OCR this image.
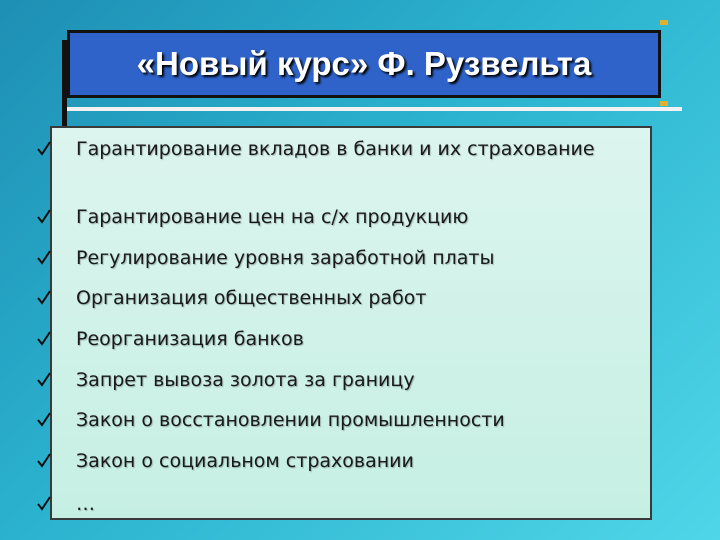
«Новый курс» Ф. Рузвельта
Гарантирование вкладов в банки и их страхование
Гарантирование цен на с/х продукцию
Регулирование уровня заработной платы
Организация общественных работ
Реорганизация банков
Запрет вывоза золота за границу
Закон о восстановлении промышленности
Закон о социальном страховании
…
